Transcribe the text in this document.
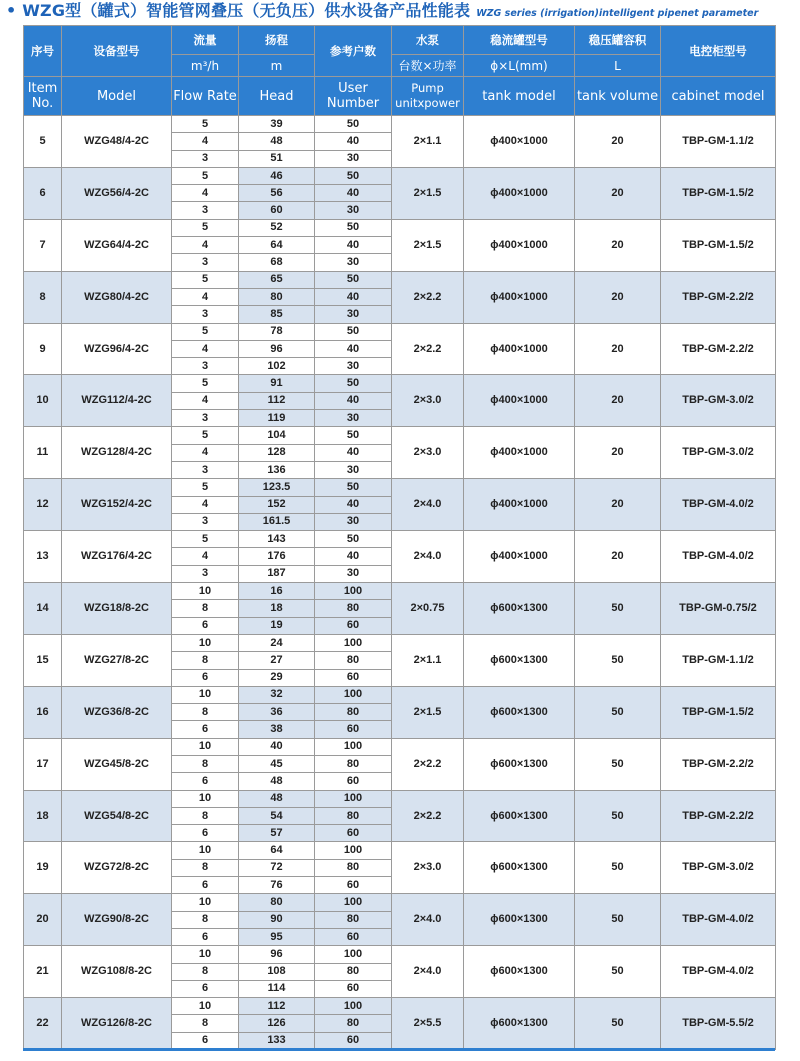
• WZG型（罐式）智能管网叠压（无负压）供水设备产品性能表 WZG series (irrigation)intelligent pipenet parameter
序号	设备型号	流量	扬程	参考户数	水泵	稳流罐型号	稳压罐容积	电控柜型号
		m³/h	m		台数×功率	ϕ×L(mm)	L	
Item No.	Model	Flow Rate	Head	User Number	Pump unitxpower	tank model	tank volume	cabinet model
5	WZG48/4-2C	5	39	50	2×1.1	ϕ400×1000	20	TBP-GM-1.1/2
		4	48	40				
		3	51	30				
6	WZG56/4-2C	5	46	50	2×1.5	ϕ400×1000	20	TBP-GM-1.5/2
		4	56	40				
		3	60	30				
7	WZG64/4-2C	5	52	50	2×1.5	ϕ400×1000	20	TBP-GM-1.5/2
		4	64	40				
		3	68	30				
8	WZG80/4-2C	5	65	50	2×2.2	ϕ400×1000	20	TBP-GM-2.2/2
		4	80	40				
		3	85	30				
9	WZG96/4-2C	5	78	50	2×2.2	ϕ400×1000	20	TBP-GM-2.2/2
		4	96	40				
		3	102	30				
10	WZG112/4-2C	5	91	50	2×3.0	ϕ400×1000	20	TBP-GM-3.0/2
		4	112	40				
		3	119	30				
11	WZG128/4-2C	5	104	50	2×3.0	ϕ400×1000	20	TBP-GM-3.0/2
		4	128	40				
		3	136	30				
12	WZG152/4-2C	5	123.5	50	2×4.0	ϕ400×1000	20	TBP-GM-4.0/2
		4	152	40				
		3	161.5	30				
13	WZG176/4-2C	5	143	50	2×4.0	ϕ400×1000	20	TBP-GM-4.0/2
		4	176	40				
		3	187	30				
14	WZG18/8-2C	10	16	100	2×0.75	ϕ600×1300	50	TBP-GM-0.75/2
		8	18	80				
		6	19	60				
15	WZG27/8-2C	10	24	100	2×1.1	ϕ600×1300	50	TBP-GM-1.1/2
		8	27	80				
		6	29	60				
16	WZG36/8-2C	10	32	100	2×1.5	ϕ600×1300	50	TBP-GM-1.5/2
		8	36	80				
		6	38	60				
17	WZG45/8-2C	10	40	100	2×2.2	ϕ600×1300	50	TBP-GM-2.2/2
		8	45	80				
		6	48	60				
18	WZG54/8-2C	10	48	100	2×2.2	ϕ600×1300	50	TBP-GM-2.2/2
		8	54	80				
		6	57	60				
19	WZG72/8-2C	10	64	100	2×3.0	ϕ600×1300	50	TBP-GM-3.0/2
		8	72	80				
		6	76	60				
20	WZG90/8-2C	10	80	100	2×4.0	ϕ600×1300	50	TBP-GM-4.0/2
		8	90	80				
		6	95	60				
21	WZG108/8-2C	10	96	100	2×4.0	ϕ600×1300	50	TBP-GM-4.0/2
		8	108	80				
		6	114	60				
22	WZG126/8-2C	10	112	100	2×5.5	ϕ600×1300	50	TBP-GM-5.5/2
		8	126	80				
		6	133	60				
